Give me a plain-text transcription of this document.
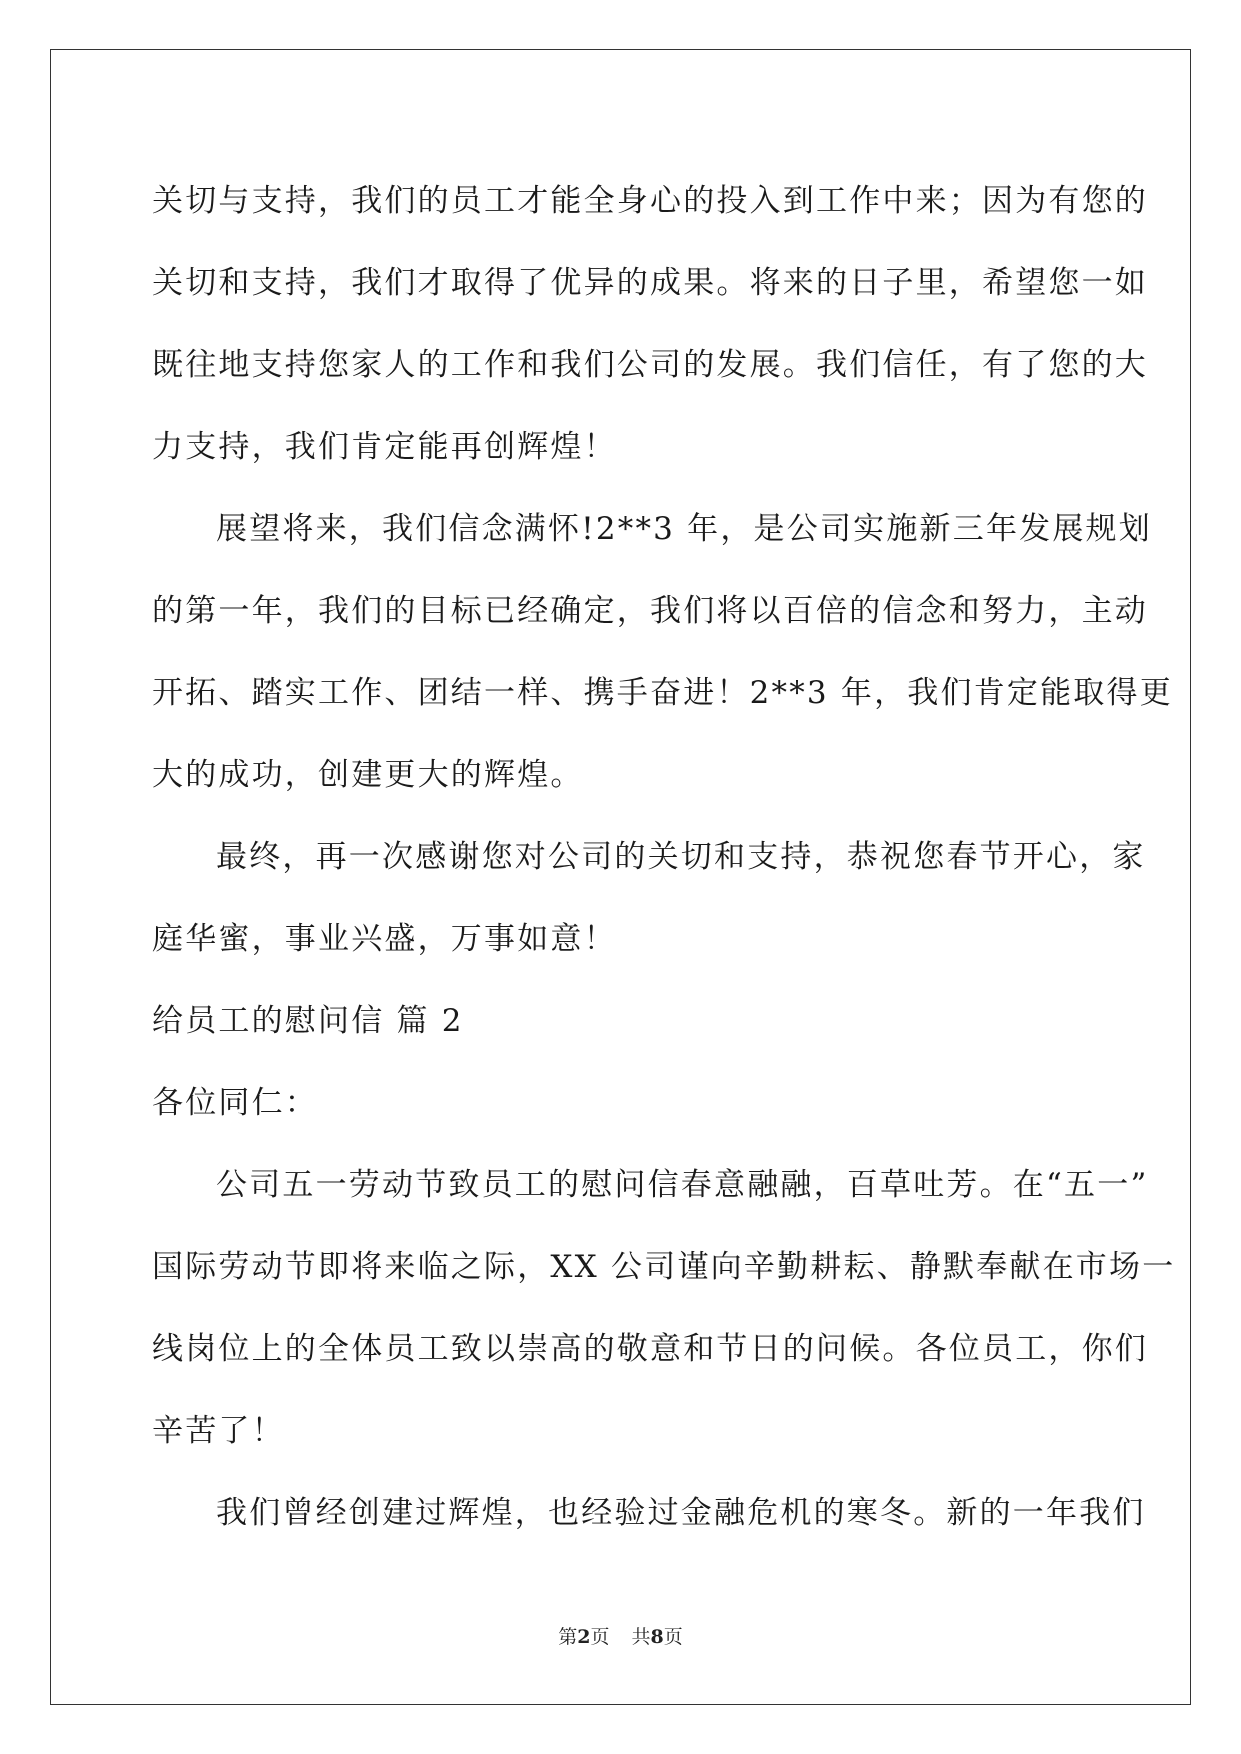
关切与支持，我们的员工才能全身心的投入到工作中来；因为有您的
关切和支持，我们才取得了优异的成果。将来的日子里，希望您一如
既往地支持您家人的工作和我们公司的发展。我们信任，有了您的大
力支持，我们肯定能再创辉煌！
展望将来，我们信念满怀!2**3 年，是公司实施新三年发展规划
的第一年，我们的目标已经确定，我们将以百倍的信念和努力，主动
开拓、踏实工作、团结一样、携手奋进！2**3 年，我们肯定能取得更
大的成功，创建更大的辉煌。
最终，再一次感谢您对公司的关切和支持，恭祝您春节开心，家
庭华蜜，事业兴盛，万事如意！
给员工的慰问信 篇 2
各位同仁：
公司五一劳动节致员工的慰问信春意融融，百草吐芳。在“五一”
国际劳动节即将来临之际，XX 公司谨向辛勤耕耘、静默奉献在市场一
线岗位上的全体员工致以崇高的敬意和节日的问候。各位员工，你们
辛苦了！
我们曾经创建过辉煌，也经验过金融危机的寒冬。新的一年我们
第2页 共8页
